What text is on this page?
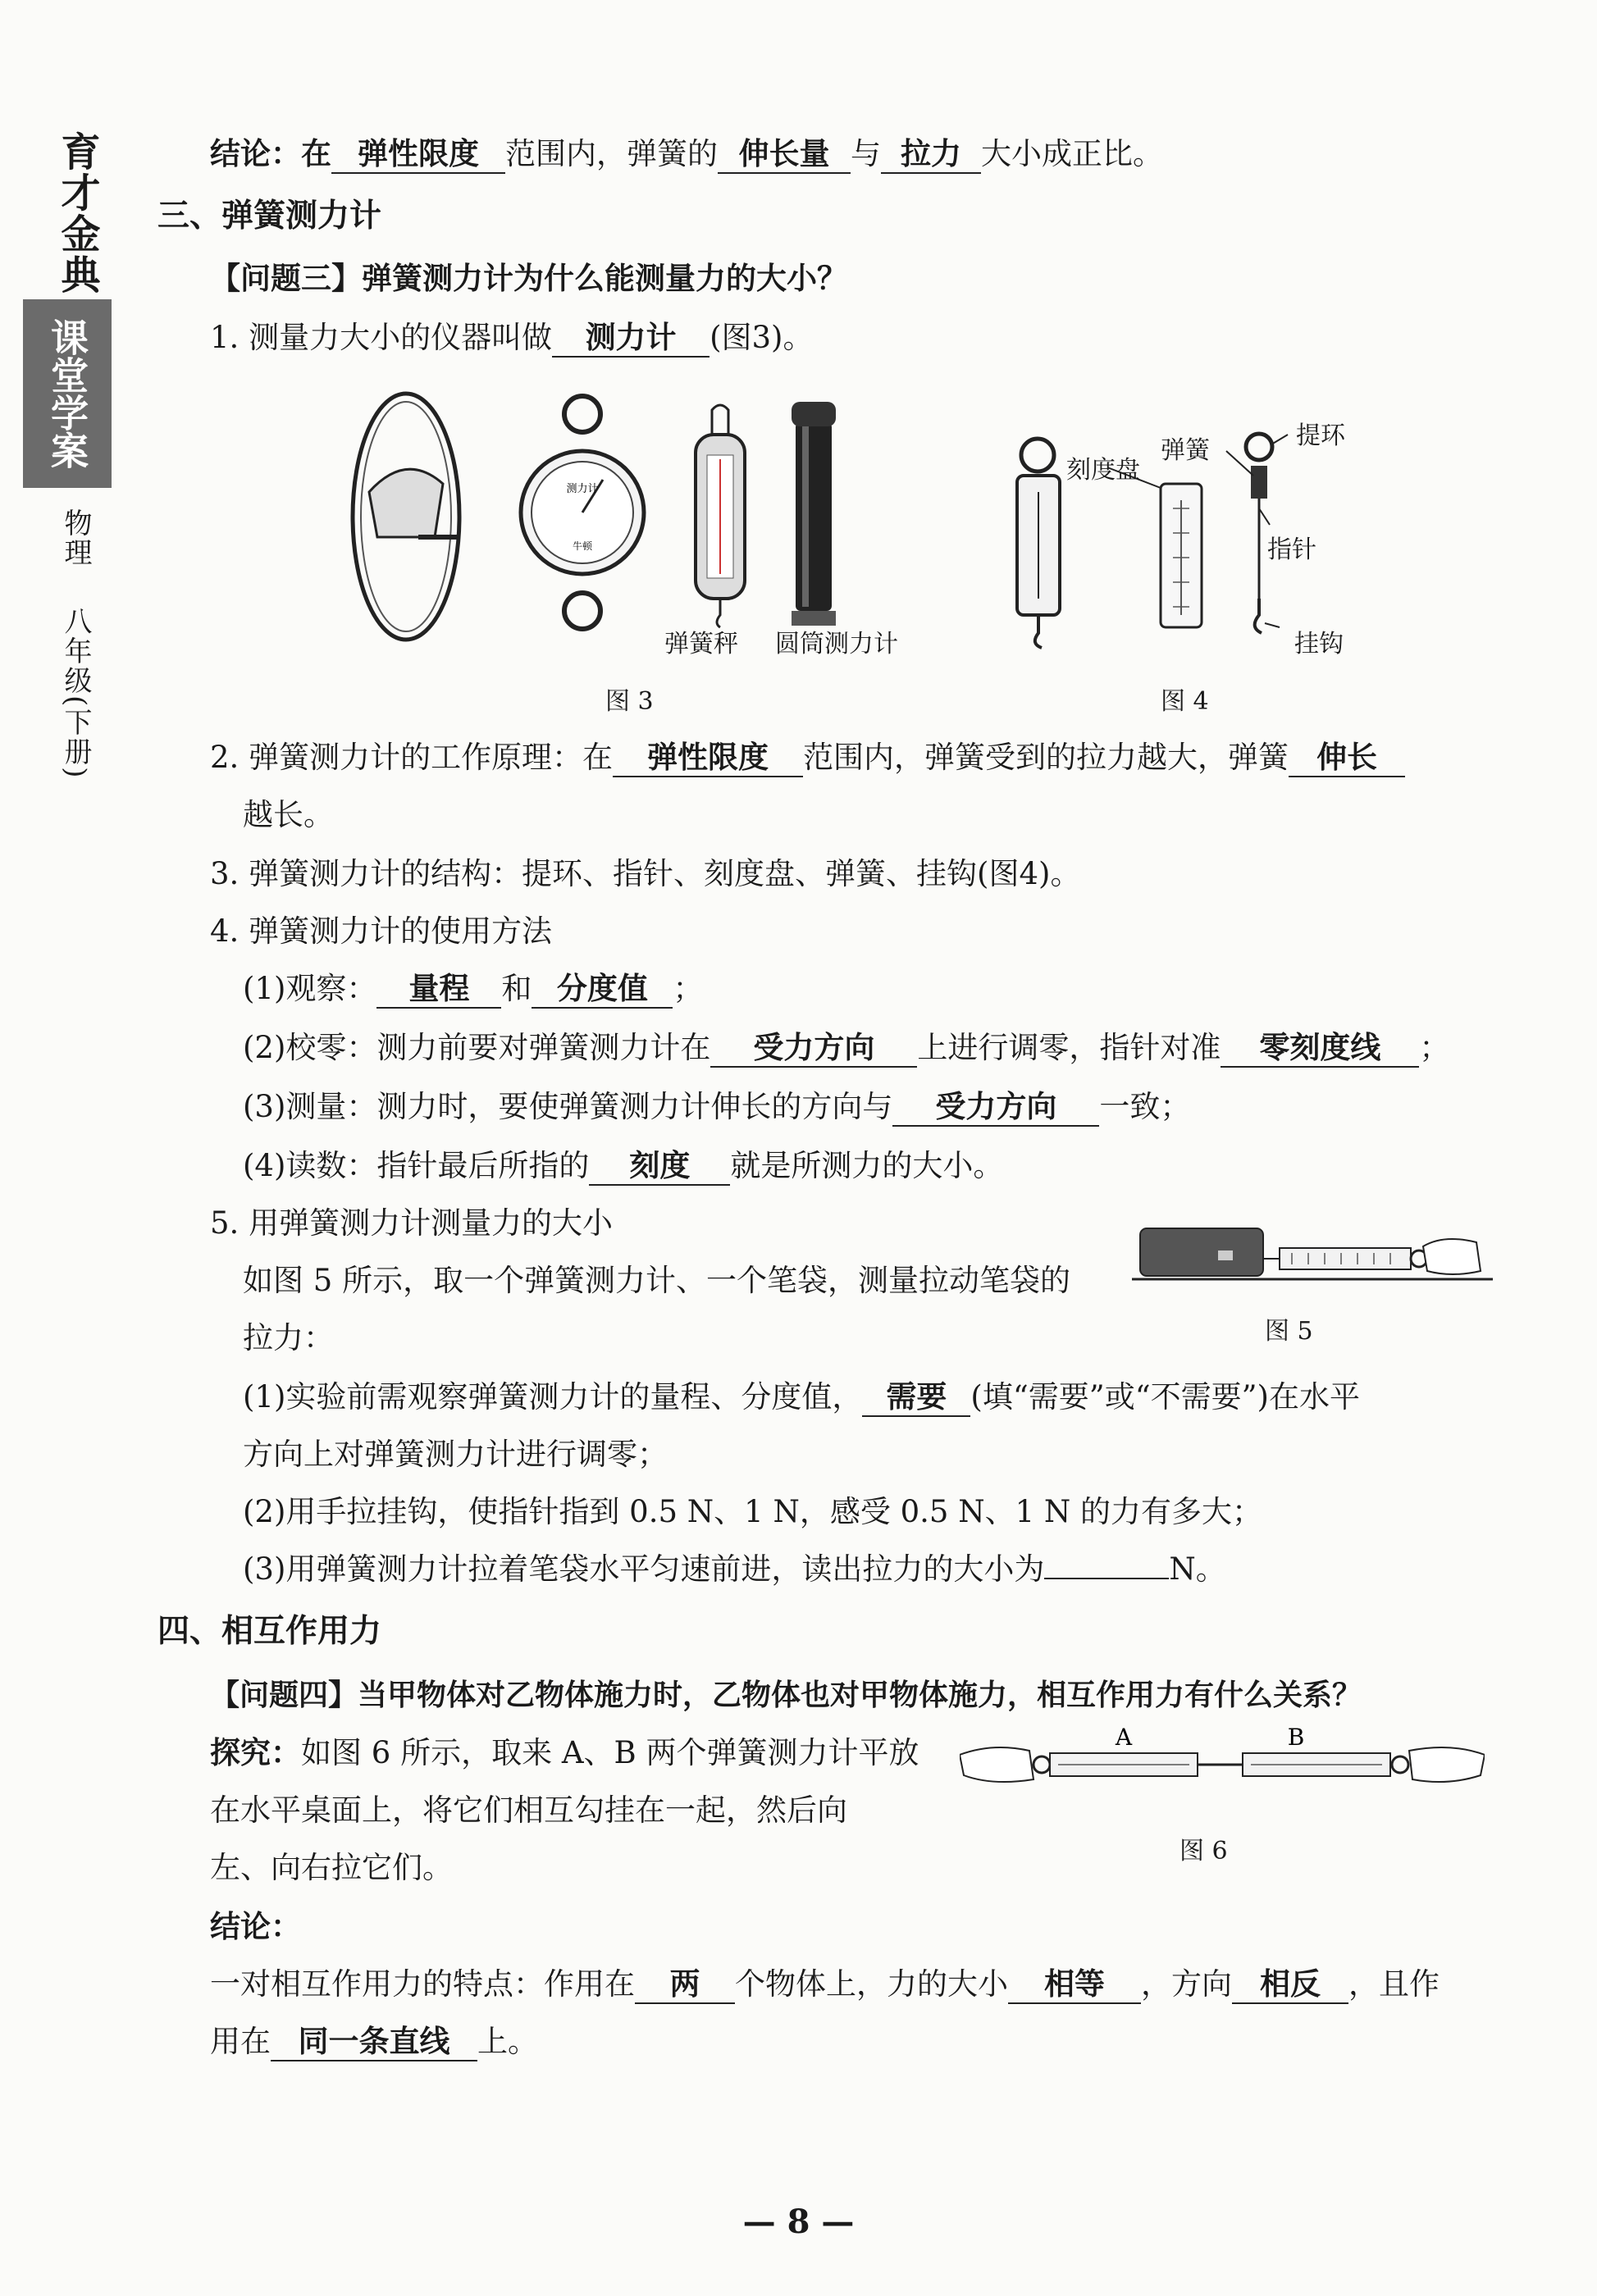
育才金典
课堂学案
物理
八年级(下册)
结论：在 弹性限度 范围内，弹簧的 伸长量 与 拉力 大小成正比。
三、弹簧测力计
【问题三】弹簧测力计为什么能测量力的大小？
1. 测量力大小的仪器叫做 测力计 (图3)。
测力计
牛顿
弹簧秤 圆筒测力计
图 3
刻度盘
弹簧
提环
指针
挂钩
图 4
2. 弹簧测力计的工作原理：在 弹性限度 范围内，弹簧受到的拉力越大，弹簧 伸长
越长。
3. 弹簧测力计的结构：提环、指针、刻度盘、弹簧、挂钩(图4)。
4. 弹簧测力计的使用方法
(1)观察： 量程 和 分度值 ；
(2)校零：测力前要对弹簧测力计在 受力方向 上进行调零，指针对准 零刻度线 ；
(3)测量：测力时，要使弹簧测力计伸长的方向与 受力方向 一致；
(4)读数：指针最后所指的 刻度 就是所测力的大小。
5. 用弹簧测力计测量力的大小
如图 5 所示，取一个弹簧测力计、一个笔袋，测量拉动笔袋的
拉力：	图 5
(1)实验前需观察弹簧测力计的量程、分度值， 需要 (填“需要”或“不需要”)在水平
方向上对弹簧测力计进行调零；
(2)用手拉挂钩，使指针指到 0.5 N、1 N，感受 0.5 N、1 N 的力有多大；
(3)用弹簧测力计拉着笔袋水平匀速前进，读出拉力的大小为	N。
四、相互作用力
【问题四】当甲物体对乙物体施力时，乙物体也对甲物体施力，相互作用力有什么关系？
探究：如图 6 所示，取来 A、B 两个弹簧测力计平放
在水平桌面上，将它们相互勾挂在一起，然后向
左、向右拉它们。
A	B
图 6
结论：
一对相互作用力的特点：作用在 两 个物体上，力的大小 相等 ，方向 相反 ，且作
用在 同一条直线 上。
— 8 —
